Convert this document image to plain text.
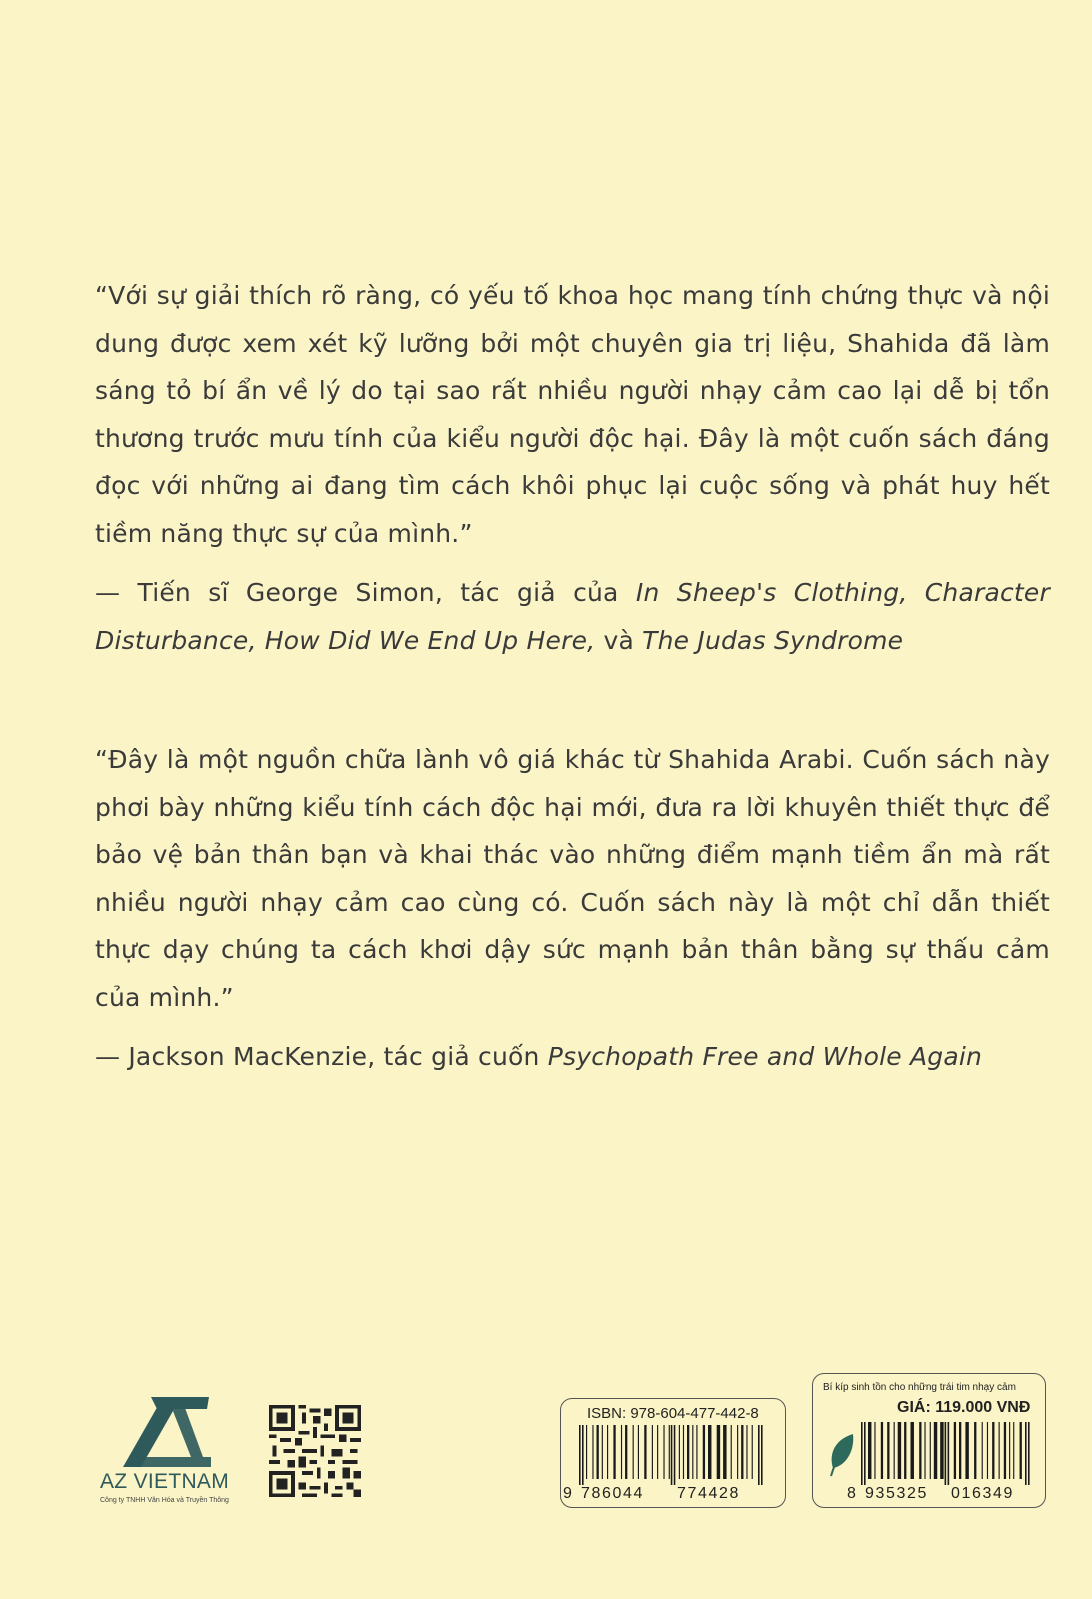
“Với sự giải thích rõ ràng, có yếu tố khoa học mang tính chứng thực và nội dung được xem xét kỹ lưỡng bởi một chuyên gia trị liệu, Shahida đã làm sáng tỏ bí ẩn về lý do tại sao rất nhiều người nhạy cảm cao lại dễ bị tổn thương trước mưu tính của kiểu người độc hại. Đây là một cuốn sách đáng đọc với những ai đang tìm cách khôi phục lại cuộc sống và phát huy hết tiềm năng thực sự của mình.”

— Tiến sĩ George Simon, tác giả của In Sheep's Clothing, Character Disturbance, How Did We End Up Here, và The Judas Syndrome

“Đây là một nguồn chữa lành vô giá khác từ Shahida Arabi. Cuốn sách này phơi bày những kiểu tính cách độc hại mới, đưa ra lời khuyên thiết thực để bảo vệ bản thân bạn và khai thác vào những điểm mạnh tiềm ẩn mà rất nhiều người nhạy cảm cao cùng có. Cuốn sách này là một chỉ dẫn thiết thực dạy chúng ta cách khơi dậy sức mạnh bản thân bằng sự thấu cảm của mình.”

— Jackson MacKenzie, tác giả cuốn Psychopath Free and Whole Again

AZ VIETNAM
Công ty TNHH Văn Hóa và Truyền Thông
ISBN: 978-604-477-442-8
9 786044 774428
Bí kíp sinh tồn cho những trái tim nhạy cảm
GIÁ: 119.000 VNĐ
8 935325 016349
